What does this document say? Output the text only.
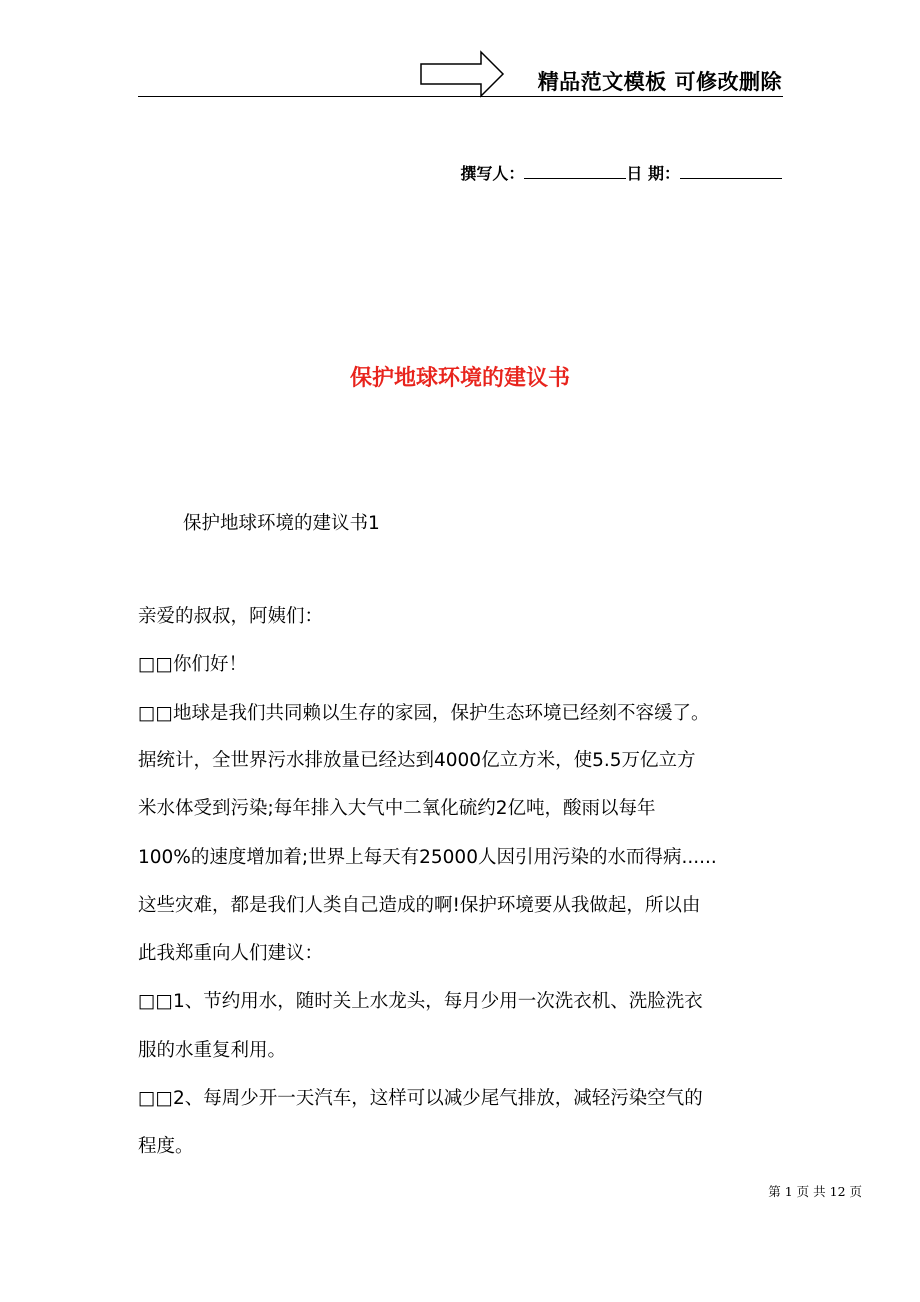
精品范文模板 可修改删除
撰写人：	日 期：
保护地球环境的建议书

保护地球环境的建议书1

亲爱的叔叔，阿姨们：

□□你们好！

□□地球是我们共同赖以生存的家园，保护生态环境已经刻不容缓了。

据统计，全世界污水排放量已经达到4000亿立方米，使5.5万亿立方

米水体受到污染;每年排入大气中二氧化硫约2亿吨，酸雨以每年

100%的速度增加着;世界上每天有25000人因引用污染的水而得病......

这些灾难，都是我们人类自己造成的啊!保护环境要从我做起，所以由

此我郑重向人们建议：

□□1、节约用水，随时关上水龙头，每月少用一次洗衣机、洗脸洗衣

服的水重复利用。

□□2、每周少开一天汽车，这样可以减少尾气排放，减轻污染空气的

程度。

第 1 页 共 12 页
